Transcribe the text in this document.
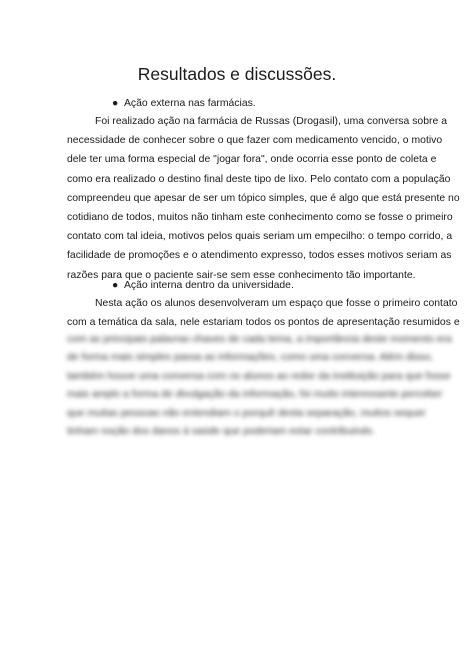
Resultados e discussões.
● Ação externa nas farmácias.
Foi realizado ação na farmácia de Russas (Drogasil), uma conversa sobre a
necessidade de conhecer sobre o que fazer com medicamento vencido, o motivo
dele ter uma forma especial de "jogar fora", onde ocorria esse ponto de coleta e
como era realizado o destino final deste tipo de lixo. Pelo contato com a população
compreendeu que apesar de ser um tópico simples, que é algo que está presente no
cotidiano de todos, muitos não tinham este conhecimento como se fosse o primeiro
contato com tal ideia, motivos pelos quais seriam um empecilho: o tempo corrido, a
facilidade de promoções e o atendimento expresso, todos esses motivos seriam as
razões para que o paciente sair-se sem esse conhecimento tão importante.
● Ação interna dentro da universidade.
Nesta ação os alunos desenvolveram um espaço que fosse o primeiro contato
com a temática da sala, nele estariam todos os pontos de apresentação resumidos e
com as principais palavras chaves de cada tema, a importância deste momento era
de forma mais simples passa as informações, como uma conversa. Além disso,
também houve uma conversa com os alunos ao redor da instituição para que fosse
mais amplo a forma de divulgação da informação, foi muito interessante perceber
que muitas pessoas não entendiam o porquê desta separação, muitos sequer
tinham noção dos danos à saúde que poderiam estar contribuindo.
